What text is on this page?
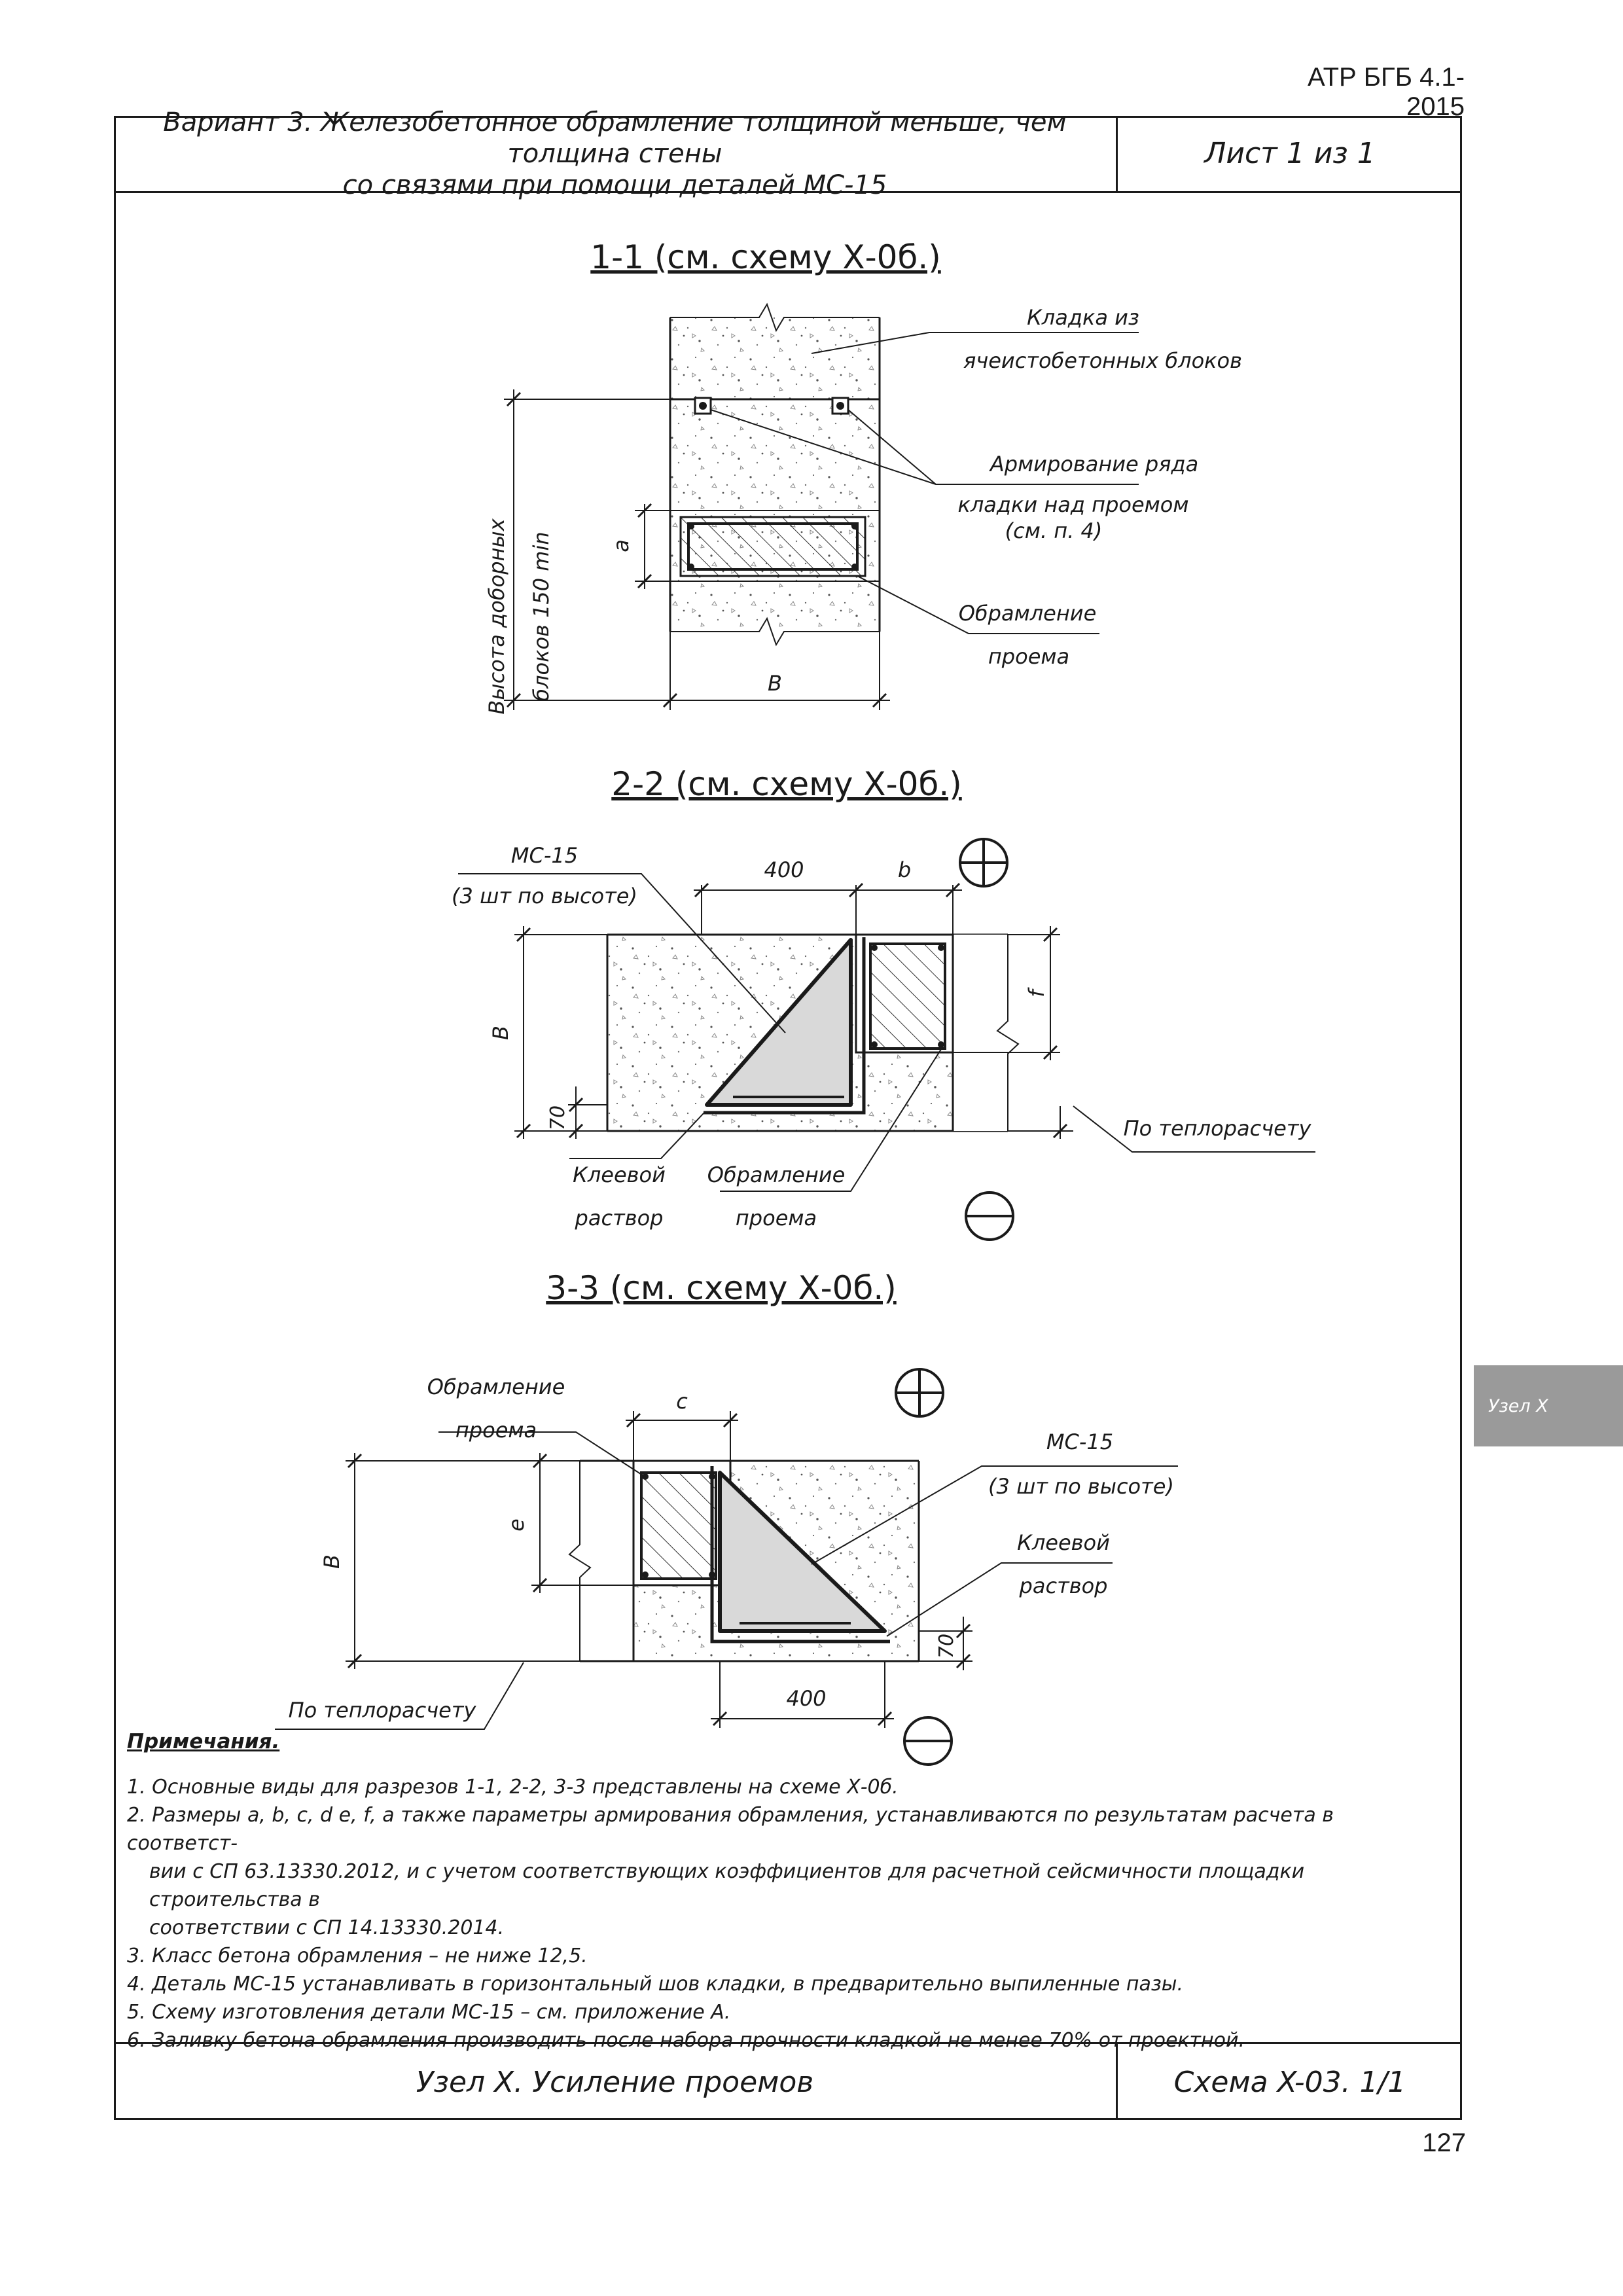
АТР БГБ 4.1-2015
Вариант 3. Железобетонное обрамление толщиной меньше, чем толщина стены
со связями при помощи деталей МС-15
Лист 1 из 1
1-1 (см. схему Х-0б.)
a
Высота доборных блоков 150 min	B
Кладка из
ячеистобетонных блоков
Армирование ряда
кладки над проемом
(см. п. 4)
Обрамление
проема
2-2 (см. схему Х-0б.)
400	b
f
B
70
МС-15
(3 шт по высоте)
Клеевой
раствор
Обрамление
проема
По теплорасчету
3-3 (см. схему Х-0б.)
c
e
B
70
400
Обрамление
проема	МС-15
(3 шт по высоте)
Клеевой
раствор
По теплорасчету
Примечания.

1. Основные виды для разрезов 1-1, 2-2, 3-3 представлены на схеме Х-0б.

2. Размеры a, b, c, d e, f, а также параметры армирования обрамления, устанавливаются по результатам расчета в соответст-

вии с СП 63.13330.2012, и с учетом соответствующих коэффициентов для расчетной сейсмичности площадки строительства в

соответствии с СП 14.13330.2014.

3. Класс бетона обрамления – не ниже 12,5.

4. Деталь МС-15 устанавливать в горизонтальный шов кладки, в предварительно выпиленные пазы.

5. Схему изготовления детали МС-15 – см. приложение А.

6. Заливку бетона обрамления производить после набора прочности кладкой не менее 70% от проектной.

Узел X. Усиление проемов	Схема X-03. 1/1
127
Узел X
